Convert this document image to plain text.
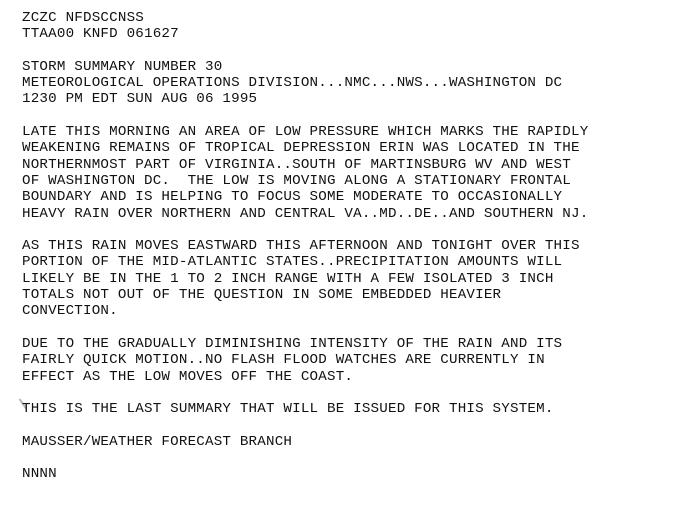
ZCZC NFDSCCNSS
TTAA00 KNFD 061627
STORM SUMMARY NUMBER 30
METEOROLOGICAL OPERATIONS DIVISION...NMC...NWS...WASHINGTON DC
1230 PM EDT SUN AUG 06 1995
LATE THIS MORNING AN AREA OF LOW PRESSURE WHICH MARKS THE RAPIDLY
WEAKENING REMAINS OF TROPICAL DEPRESSION ERIN WAS LOCATED IN THE
NORTHERNMOST PART OF VIRGINIA..SOUTH OF MARTINSBURG WV AND WEST
OF WASHINGTON DC.  THE LOW IS MOVING ALONG A STATIONARY FRONTAL
BOUNDARY AND IS HELPING TO FOCUS SOME MODERATE TO OCCASIONALLY
HEAVY RAIN OVER NORTHERN AND CENTRAL VA..MD..DE..AND SOUTHERN NJ.
AS THIS RAIN MOVES EASTWARD THIS AFTERNOON AND TONIGHT OVER THIS
PORTION OF THE MID-ATLANTIC STATES..PRECIPITATION AMOUNTS WILL
LIKELY BE IN THE 1 TO 2 INCH RANGE WITH A FEW ISOLATED 3 INCH
TOTALS NOT OUT OF THE QUESTION IN SOME EMBEDDED HEAVIER
CONVECTION.
DUE TO THE GRADUALLY DIMINISHING INTENSITY OF THE RAIN AND ITS
FAIRLY QUICK MOTION..NO FLASH FLOOD WATCHES ARE CURRENTLY IN
EFFECT AS THE LOW MOVES OFF THE COAST.
THIS IS THE LAST SUMMARY THAT WILL BE ISSUED FOR THIS SYSTEM.
MAUSSER/WEATHER FORECAST BRANCH
NNNN
